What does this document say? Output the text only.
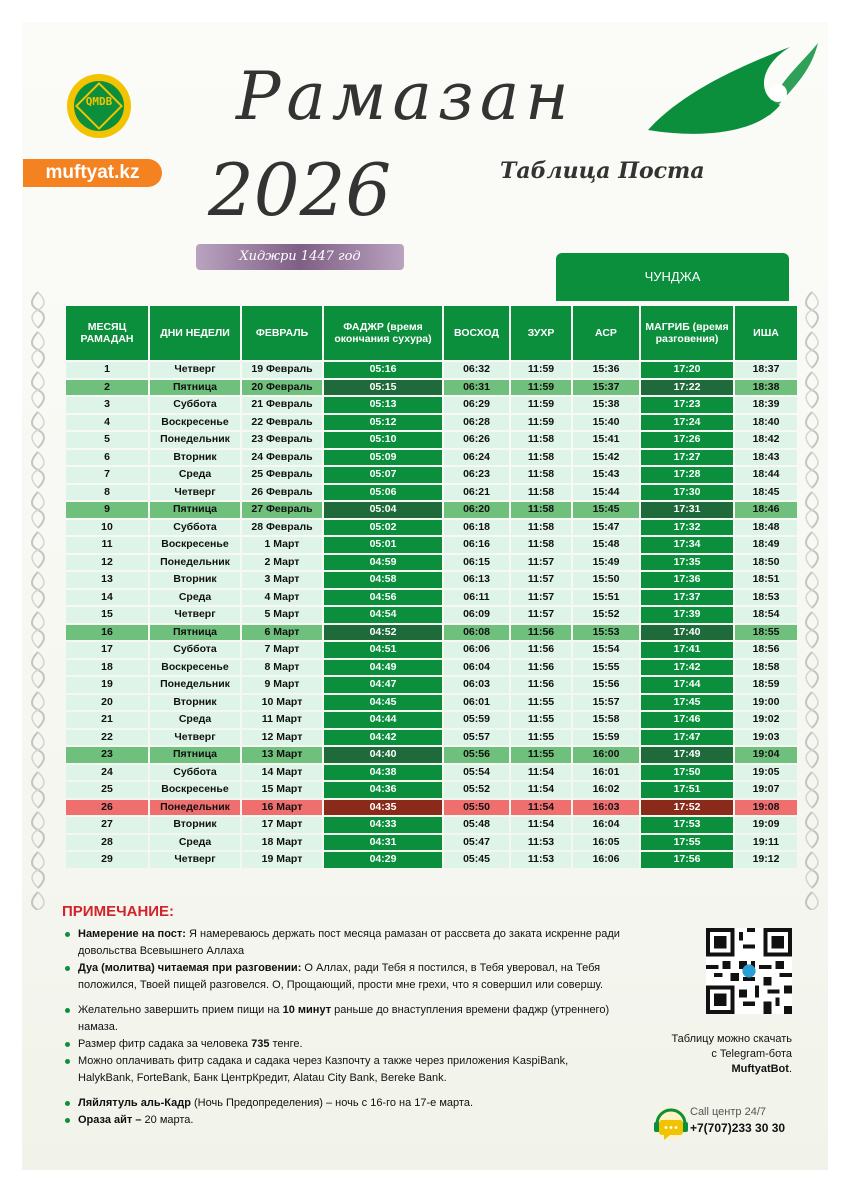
QMDB
muftyat.kz
Рамазан
2026	Таблица Поста
Хиджри 1447 год
ЧУНДЖА
МЕСЯЦ РАМАДАН	ДНИ НЕДЕЛИ	ФЕВРАЛЬ	ФАДЖР (время окончания сухура)	ВОСХОД	ЗУХР	АСР	МАГРИБ (время разговения)	ИША
1	Четверг	19 Февраль	05:16	06:32	11:59	15:36	17:20	18:37
2	Пятница	20 Февраль	05:15	06:31	11:59	15:37	17:22	18:38
3	Суббота	21 Февраль	05:13	06:29	11:59	15:38	17:23	18:39
4	Воскресенье	22 Февраль	05:12	06:28	11:59	15:40	17:24	18:40
5	Понедельник	23 Февраль	05:10	06:26	11:58	15:41	17:26	18:42
6	Вторник	24 Февраль	05:09	06:24	11:58	15:42	17:27	18:43
7	Среда	25 Февраль	05:07	06:23	11:58	15:43	17:28	18:44
8	Четверг	26 Февраль	05:06	06:21	11:58	15:44	17:30	18:45
9	Пятница	27 Февраль	05:04	06:20	11:58	15:45	17:31	18:46
10	Суббота	28 Февраль	05:02	06:18	11:58	15:47	17:32	18:48
11	Воскресенье	1 Март	05:01	06:16	11:58	15:48	17:34	18:49
12	Понедельник	2 Март	04:59	06:15	11:57	15:49	17:35	18:50
13	Вторник	3 Март	04:58	06:13	11:57	15:50	17:36	18:51
14	Среда	4 Март	04:56	06:11	11:57	15:51	17:37	18:53
15	Четверг	5 Март	04:54	06:09	11:57	15:52	17:39	18:54
16	Пятница	6 Март	04:52	06:08	11:56	15:53	17:40	18:55
17	Суббота	7 Март	04:51	06:06	11:56	15:54	17:41	18:56
18	Воскресенье	8 Март	04:49	06:04	11:56	15:55	17:42	18:58
19	Понедельник	9 Март	04:47	06:03	11:56	15:56	17:44	18:59
20	Вторник	10 Март	04:45	06:01	11:55	15:57	17:45	19:00
21	Среда	11 Март	04:44	05:59	11:55	15:58	17:46	19:02
22	Четверг	12 Март	04:42	05:57	11:55	15:59	17:47	19:03
23	Пятница	13 Март	04:40	05:56	11:55	16:00	17:49	19:04
24	Суббота	14 Март	04:38	05:54	11:54	16:01	17:50	19:05
25	Воскресенье	15 Март	04:36	05:52	11:54	16:02	17:51	19:07
26	Понедельник	16 Март	04:35	05:50	11:54	16:03	17:52	19:08
27	Вторник	17 Март	04:33	05:48	11:54	16:04	17:53	19:09
28	Среда	18 Март	04:31	05:47	11:53	16:05	17:55	19:11
29	Четверг	19 Март	04:29	05:45	11:53	16:06	17:56	19:12
ПРИМЕЧАНИЕ:
Намерение на пост: Я намереваюсь держать пост месяца рамазан от рассвета до заката искренне ради довольства Всевышнего Аллаха
Дуа (молитва) читаемая при разговении: О Аллах, ради Тебя я постился, в Тебя уверовал, на Тебя положился, Твоей пищей разговелся. О, Прощающий, прости мне грехи, что я совершил или совершу.
Желательно завершить прием пищи на 10 минут раньше до внаступления времени фаджр (утреннего) намаза.
Размер фитр садака за человека 735 тенге.
Можно оплачивать фитр садака и садака через Казпочту а также через приложения KaspiBank, HalykBank, ForteBank, Банк ЦентрКредит, Alatau City Bank, Bereke Bank.
Ляйлятуль аль-Кадр (Ночь Предопределения) – ночь с 16-го на 17-е марта.
Ораза айт – 20 марта.
Таблицу можно скачать
с Telegram-бота
MuftyatBot.
Call центр 24/7
+7(707)233 30 30
